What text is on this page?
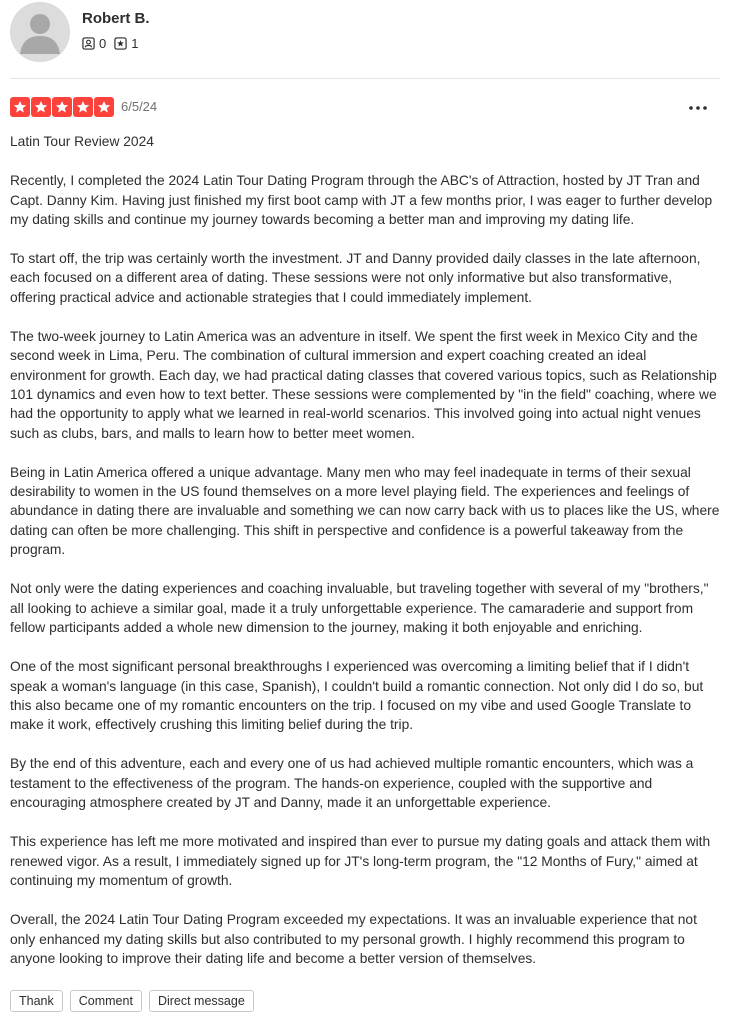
Robert B.
0 1
6/5/24

Latin Tour Review 2024

Recently, I completed the 2024 Latin Tour Dating Program through the ABC's of Attraction, hosted by JT Tran and Capt. Danny Kim. Having just finished my first boot camp with JT a few months prior, I was eager to further develop my dating skills and continue my journey towards becoming a better man and improving my dating life.

To start off, the trip was certainly worth the investment. JT and Danny provided daily classes in the late afternoon, each focused on a different area of dating. These sessions were not only informative but also transformative, offering practical advice and actionable strategies that I could immediately implement.

The two-week journey to Latin America was an adventure in itself. We spent the first week in Mexico City and the second week in Lima, Peru. The combination of cultural immersion and expert coaching created an ideal environment for growth. Each day, we had practical dating classes that covered various topics, such as Relationship 101 dynamics and even how to text better. These sessions were complemented by "in the field" coaching, where we had the opportunity to apply what we learned in real-world scenarios. This involved going into actual night venues such as clubs, bars, and malls to learn how to better meet women.

Being in Latin America offered a unique advantage. Many men who may feel inadequate in terms of their sexual desirability to women in the US found themselves on a more level playing field. The experiences and feelings of abundance in dating there are invaluable and something we can now carry back with us to places like the US, where dating can often be more challenging. This shift in perspective and confidence is a powerful takeaway from the program.

Not only were the dating experiences and coaching invaluable, but traveling together with several of my "brothers," all looking to achieve a similar goal, made it a truly unforgettable experience. The camaraderie and support from fellow participants added a whole new dimension to the journey, making it both enjoyable and enriching.

One of the most significant personal breakthroughs I experienced was overcoming a limiting belief that if I didn't speak a woman's language (in this case, Spanish), I couldn't build a romantic connection. Not only did I do so, but this also became one of my romantic encounters on the trip. I focused on my vibe and used Google Translate to make it work, effectively crushing this limiting belief during the trip.

By the end of this adventure, each and every one of us had achieved multiple romantic encounters, which was a testament to the effectiveness of the program. The hands-on experience, coupled with the supportive and encouraging atmosphere created by JT and Danny, made it an unforgettable experience.

This experience has left me more motivated and inspired than ever to pursue my dating goals and attack them with renewed vigor. As a result, I immediately signed up for JT's long-term program, the "12 Months of Fury," aimed at continuing my momentum of growth.

Overall, the 2024 Latin Tour Dating Program exceeded my expectations. It was an invaluable experience that not only enhanced my dating skills but also contributed to my personal growth. I highly recommend this program to anyone looking to improve their dating life and become a better version of themselves.

Thank	Comment	Direct message
